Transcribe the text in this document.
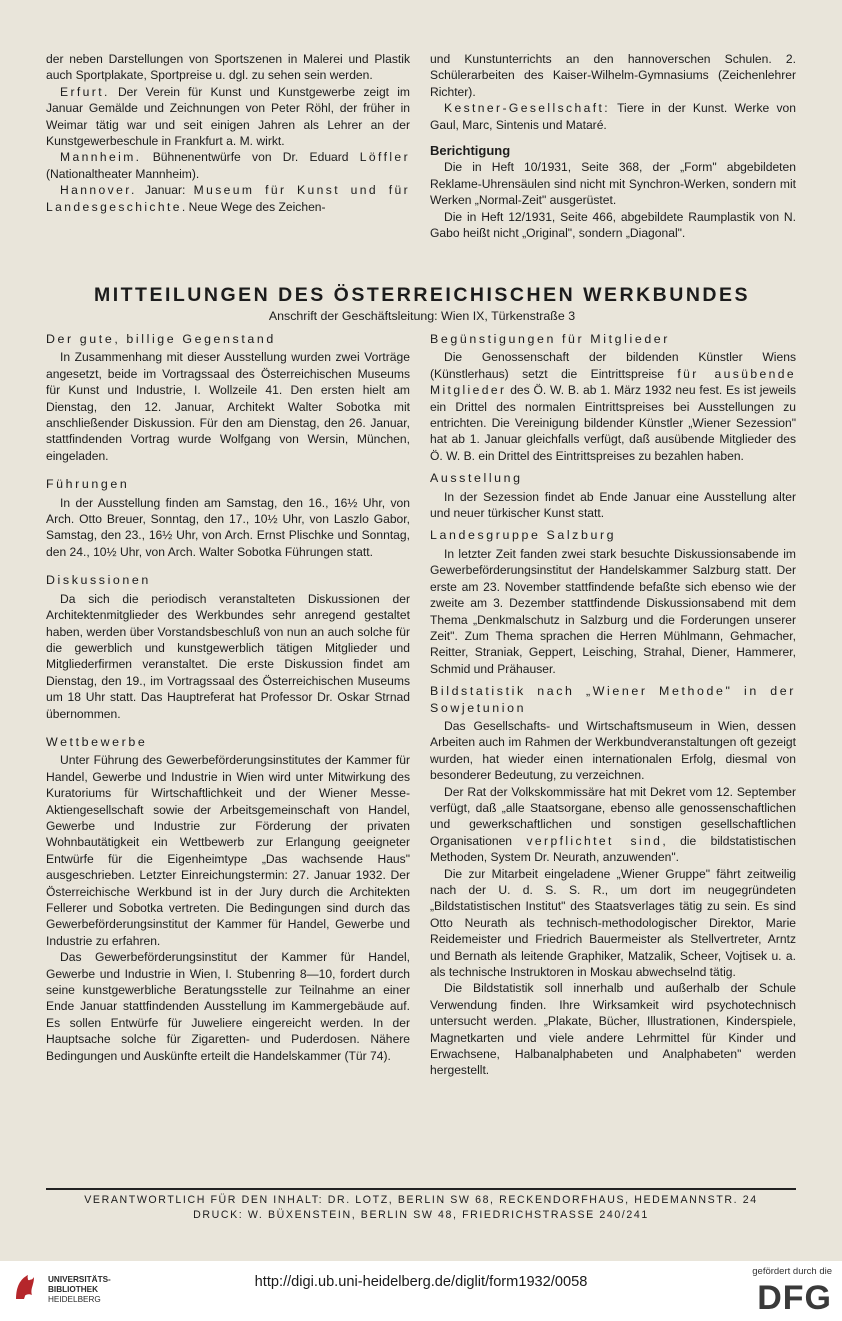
der neben Darstellungen von Sportszenen in Malerei und Plastik auch Sportplakate, Sportpreise u. dgl. zu sehen sein werden.

Erfurt. Der Verein für Kunst und Kunstgewerbe zeigt im Januar Gemälde und Zeichnungen von Peter Röhl, der früher in Weimar tätig war und seit einigen Jahren als Lehrer an der Kunstgewerbeschule in Frankfurt a. M. wirkt.

Mannheim. Bühnenentwürfe von Dr. Eduard Löffler (Nationaltheater Mannheim).

Hannover. Januar: Museum für Kunst und für Landesgeschichte. Neue Wege des Zeichen-

und Kunstunterrichts an den hannoverschen Schulen. 2. Schülerarbeiten des Kaiser-Wilhelm-Gymnasiums (Zeichenlehrer Richter).

Kestner-Gesellschaft: Tiere in der Kunst. Werke von Gaul, Marc, Sintenis und Mataré.

Berichtigung

Die in Heft 10/1931, Seite 368, der „Form" abgebildeten Reklame-Uhrensäulen sind nicht mit Synchron-Werken, sondern mit Werken „Normal-Zeit" ausgerüstet.

Die in Heft 12/1931, Seite 466, abgebildete Raumplastik von N. Gabo heißt nicht „Original", sondern „Diagonal".

MITTEILUNGEN DES ÖSTERREICHISCHEN WERKBUNDES
Anschrift der Geschäftsleitung: Wien IX, Türkenstraße 3
Der gute, billige Gegenstand

In Zusammenhang mit dieser Ausstellung wurden zwei Vorträge angesetzt, beide im Vortragssaal des Österreichischen Museums für Kunst und Industrie, I. Wollzeile 41. Den ersten hielt am Dienstag, den 12. Januar, Architekt Walter Sobotka mit anschließender Diskussion. Für den am Dienstag, den 26. Januar, stattfindenden Vortrag wurde Wolfgang von Wersin, München, eingeladen.

Führungen

In der Ausstellung finden am Samstag, den 16., 16½ Uhr, von Arch. Otto Breuer, Sonntag, den 17., 10½ Uhr, von Laszlo Gabor, Samstag, den 23., 16½ Uhr, von Arch. Ernst Plischke und Sonntag, den 24., 10½ Uhr, von Arch. Walter Sobotka Führungen statt.

Diskussionen

Da sich die periodisch veranstalteten Diskussionen der Architektenmitglieder des Werkbundes sehr anregend gestaltet haben, werden über Vorstandsbeschluß von nun an auch solche für die gewerblich und kunstgewerblich tätigen Mitglieder und Mitgliederfirmen veranstaltet. Die erste Diskussion findet am Dienstag, den 19., im Vortragssaal des Österreichischen Museums um 18 Uhr statt. Das Hauptreferat hat Professor Dr. Oskar Strnad übernommen.

Wettbewerbe

Unter Führung des Gewerbeförderungsinstitutes der Kammer für Handel, Gewerbe und Industrie in Wien wird unter Mitwirkung des Kuratoriums für Wirtschaftlichkeit und der Wiener Messe-Aktiengesellschaft sowie der Arbeitsgemeinschaft von Handel, Gewerbe und Industrie zur Förderung der privaten Wohnbautätigkeit ein Wettbewerb zur Erlangung geeigneter Entwürfe für die Eigenheimtype „Das wachsende Haus" ausgeschrieben. Letzter Einreichungstermin: 27. Januar 1932. Der Österreichische Werkbund ist in der Jury durch die Architekten Fellerer und Sobotka vertreten. Die Bedingungen sind durch das Gewerbeförderungsinstitut der Kammer für Handel, Gewerbe und Industrie zu erfahren.

Das Gewerbeförderungsinstitut der Kammer für Handel, Gewerbe und Industrie in Wien, I. Stubenring 8—10, fordert durch seine kunstgewerbliche Beratungsstelle zur Teilnahme an einer Ende Januar stattfindenden Ausstellung im Kammergebäude auf. Es sollen Entwürfe für Juweliere eingereicht werden. In der Hauptsache solche für Zigaretten- und Puderdosen. Nähere Bedingungen und Auskünfte erteilt die Handelskammer (Tür 74).

Begünstigungen für Mitglieder

Die Genossenschaft der bildenden Künstler Wiens (Künstlerhaus) setzt die Eintrittspreise für ausübende Mitglieder des Ö. W. B. ab 1. März 1932 neu fest. Es ist jeweils ein Drittel des normalen Eintrittspreises bei Ausstellungen zu entrichten. Die Vereinigung bildender Künstler „Wiener Sezession" hat ab 1. Januar gleichfalls verfügt, daß ausübende Mitglieder des Ö. W. B. ein Drittel des Eintrittspreises zu bezahlen haben.

Ausstellung

In der Sezession findet ab Ende Januar eine Ausstellung alter und neuer türkischer Kunst statt.

Landesgruppe Salzburg

In letzter Zeit fanden zwei stark besuchte Diskussionsabende im Gewerbeförderungsinstitut der Handelskammer Salzburg statt. Der erste am 23. November stattfindende befaßte sich ebenso wie der zweite am 3. Dezember stattfindende Diskussionsabend mit dem Thema „Denkmalschutz in Salzburg und die Forderungen unserer Zeit". Zum Thema sprachen die Herren Mühlmann, Gehmacher, Reitter, Straniak, Geppert, Leisching, Strahal, Diener, Hammerer, Schmid und Prähauser.

Bildstatistik nach „Wiener Methode" in der Sowjetunion

Das Gesellschafts- und Wirtschaftsmuseum in Wien, dessen Arbeiten auch im Rahmen der Werkbundveranstaltungen oft gezeigt wurden, hat wieder einen internationalen Erfolg, diesmal von besonderer Bedeutung, zu verzeichnen.

Der Rat der Volkskommissäre hat mit Dekret vom 12. September verfügt, daß „alle Staatsorgane, ebenso alle genossenschaftlichen und gewerkschaftlichen und sonstigen gesellschaftlichen Organisationen verpflichtet sind, die bildstatistischen Methoden, System Dr. Neurath, anzuwenden".

Die zur Mitarbeit eingeladene „Wiener Gruppe" fährt zeitweilig nach der U. d. S. S. R., um dort im neugegründeten „Bildstatistischen Institut" des Staatsverlages tätig zu sein. Es sind Otto Neurath als technisch-methodologischer Direktor, Marie Reidemeister und Friedrich Bauermeister als Stellvertreter, Arntz und Bernath als leitende Graphiker, Matzalik, Scheer, Vojtisek u. a. als technische Instruktoren in Moskau abwechselnd tätig.

Die Bildstatistik soll innerhalb und außerhalb der Schule Verwendung finden. Ihre Wirksamkeit wird psychotechnisch untersucht werden. „Plakate, Bücher, Illustrationen, Kinderspiele, Magnetkarten und viele andere Lehrmittel für Kinder und Erwachsene, Halbanalphabeten und Analphabeten" werden hergestellt.

VERANTWORTLICH FÜR DEN INHALT: DR. LOTZ, BERLIN SW 68, RECKENDORFHAUS, HEDEMANNSTR. 24
DRUCK: W. BÜXENSTEIN, BERLIN SW 48, FRIEDRICHSTRASSE 240/241
UNIVERSITÄTS-
BIBLIOTHEK
HEIDELBERG
http://digi.ub.uni-heidelberg.de/diglit/form1932/0058
gefördert durch die
DFG
